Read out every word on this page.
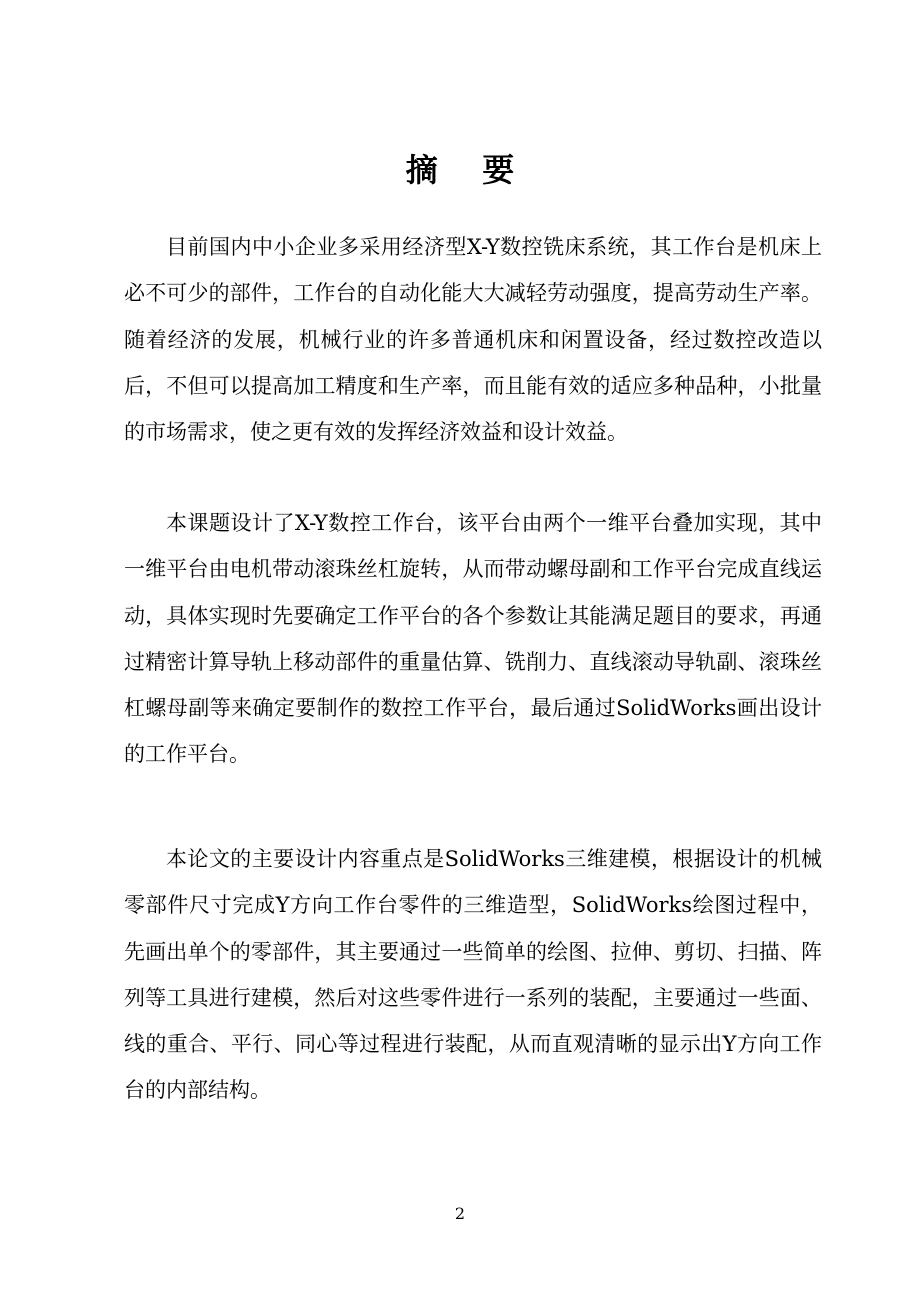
摘    要

目前国内中小企业多采用经济型X-Y数控铣床系统，其工作台是机床上必不可少的部件，工作台的自动化能大大减轻劳动强度，提高劳动生产率。随着经济的发展，机械行业的许多普通机床和闲置设备，经过数控改造以后，不但可以提高加工精度和生产率，而且能有效的适应多种品种，小批量的市场需求，使之更有效的发挥经济效益和设计效益。

本课题设计了X-Y数控工作台，该平台由两个一维平台叠加实现，其中一维平台由电机带动滚珠丝杠旋转，从而带动螺母副和工作平台完成直线运动，具体实现时先要确定工作平台的各个参数让其能满足题目的要求，再通过精密计算导轨上移动部件的重量估算、铣削力、直线滚动导轨副、滚珠丝杠螺母副等来确定要制作的数控工作平台，最后通过SolidWorks画出设计的工作平台。

本论文的主要设计内容重点是SolidWorks三维建模，根据设计的机械零部件尺寸完成Y方向工作台零件的三维造型，SolidWorks绘图过程中，先画出单个的零部件，其主要通过一些简单的绘图、拉伸、剪切、扫描、阵列等工具进行建模，然后对这些零件进行一系列的装配，主要通过一些面、线的重合、平行、同心等过程进行装配，从而直观清晰的显示出Y方向工作台的内部结构。

2
